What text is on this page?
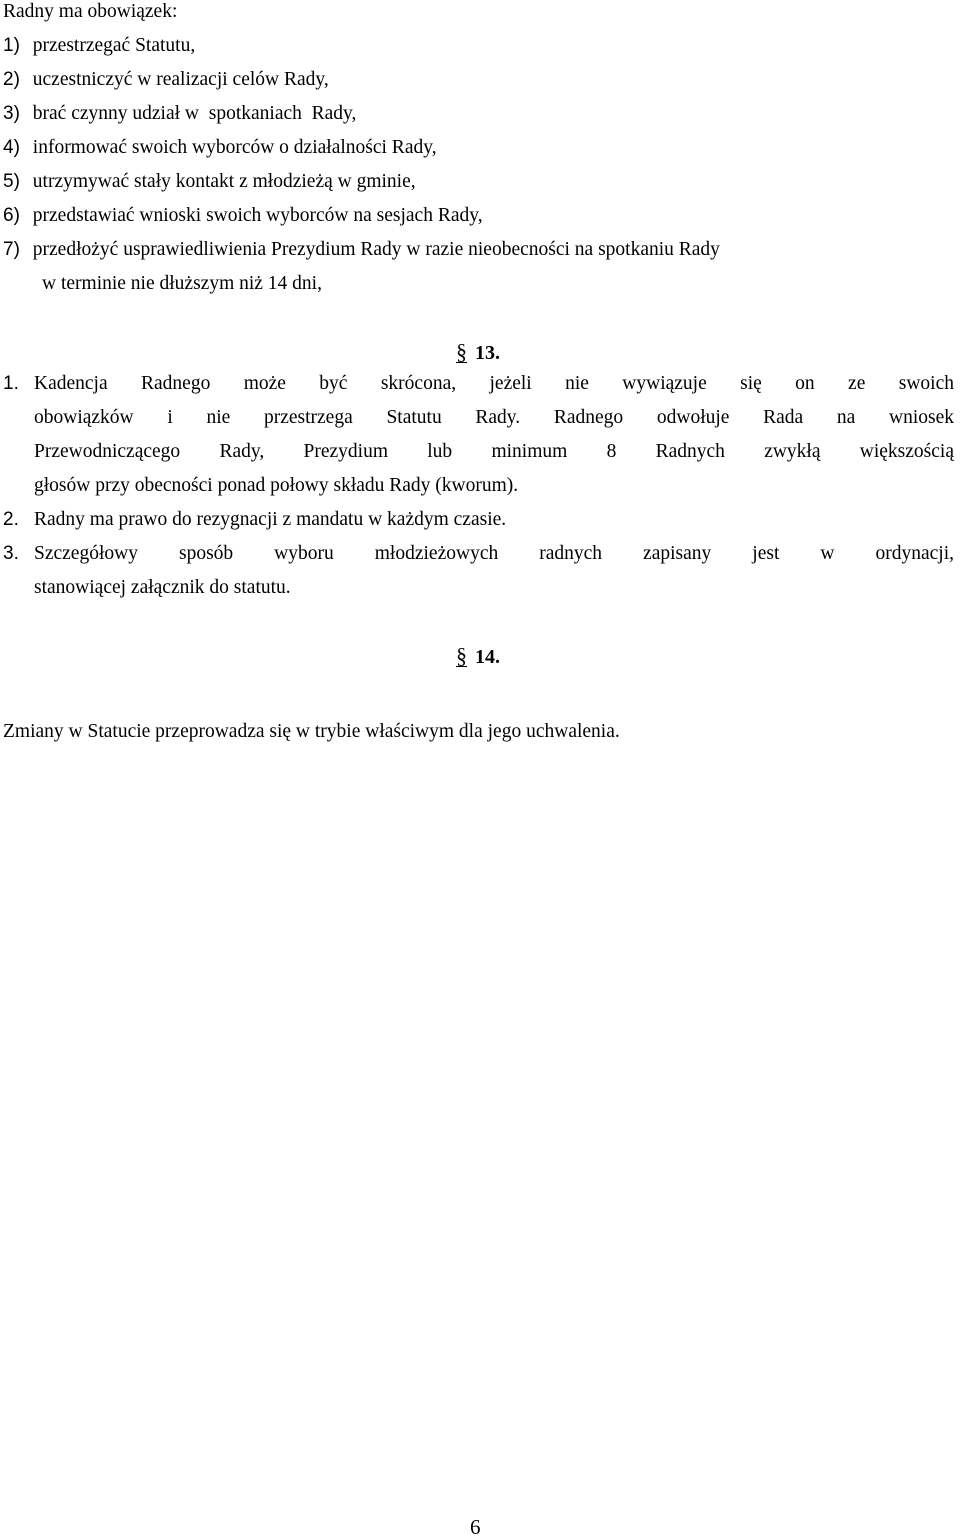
Radny ma obowiązek:
1) przestrzegać Statutu,
2) uczestniczyć w realizacji celów Rady,
3) brać czynny udział w  spotkaniach  Rady,
4) informować swoich wyborców o działalności Rady,
5) utrzymywać stały kontakt z młodzieżą w gminie,
6) przedstawiać wnioski swoich wyborców na sesjach Rady,
7) przedłożyć usprawiedliwienia Prezydium Rady w razie nieobecności na spotkaniu Rady
w terminie nie dłuższym niż 14 dni,
§ 13.
1. Kadencja Radnego może być skrócona, jeżeli nie wywiązuje się on ze swoich
obowiązków i nie przestrzega Statutu Rady. Radnego odwołuje Rada na wniosek
Przewodniczącego Rady, Prezydium lub minimum 8 Radnych zwykłą większością
głosów przy obecności ponad połowy składu Rady (kworum).
2. Radny ma prawo do rezygnacji z mandatu w każdym czasie.
3. Szczegółowy sposób wyboru młodzieżowych radnych zapisany jest w ordynacji,
stanowiącej załącznik do statutu.
§ 14.
Zmiany w Statucie przeprowadza się w trybie właściwym dla jego uchwalenia.
6
